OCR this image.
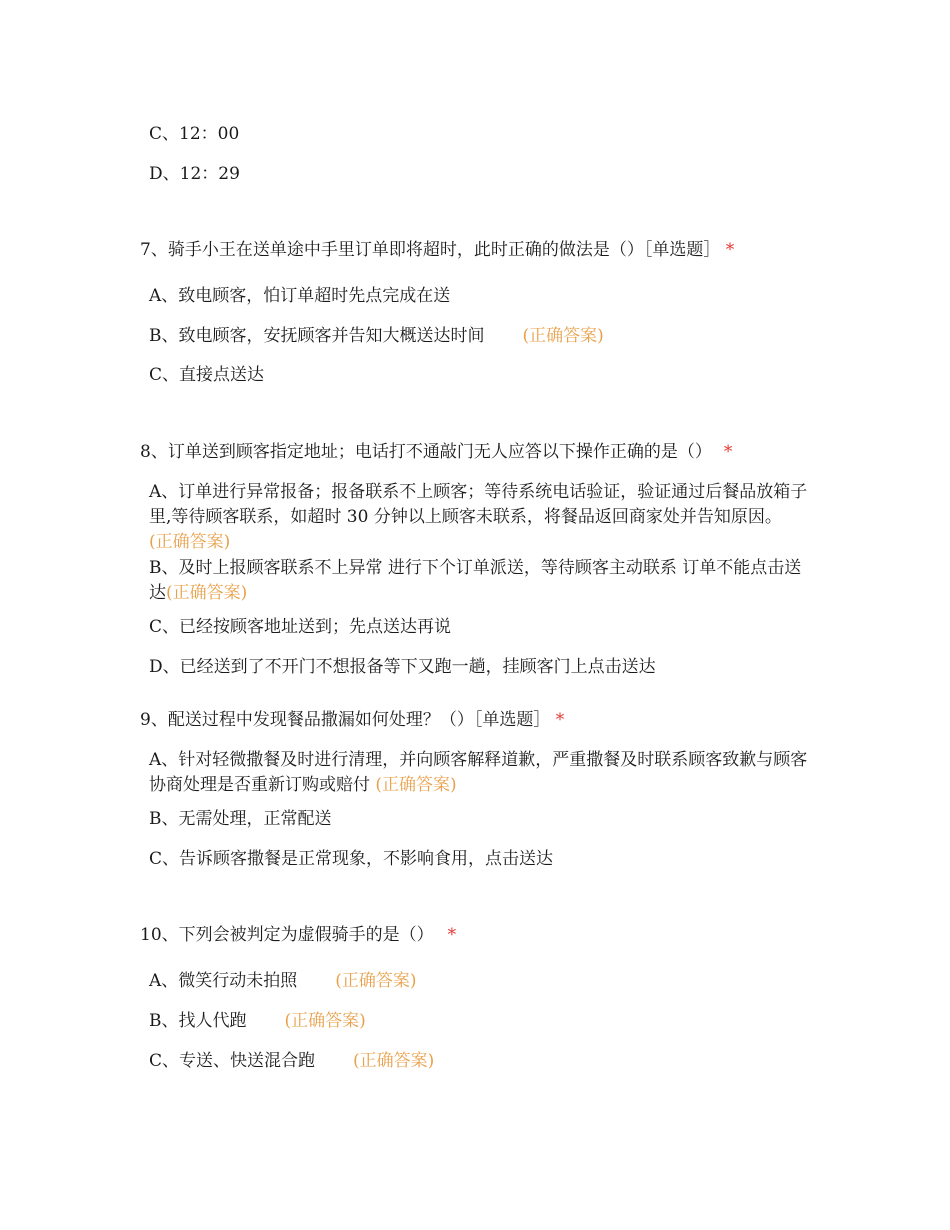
C、12：00
D、12：29
7、骑手小王在送单途中手里订单即将超时，此时正确的做法是（）［单选题］ *
A、致电顾客，怕订单超时先点完成在送
B、致电顾客，安抚顾客并告知大概送达时间 (正确答案)
C、直接点送达
8、订单送到顾客指定地址；电话打不通敲门无人应答以下操作正确的是（） *
A、订单进行异常报备；报备联系不上顾客；等待系统电话验证，验证通过后餐品放箱子里,等待顾客联系，如超时 30 分钟以上顾客未联系，将餐品返回商家处并告知原因。 (正确答案)
B、及时上报顾客联系不上异常 进行下个订单派送，等待顾客主动联系 订单不能点击送达(正确答案)
C、已经按顾客地址送到；先点送达再说
D、已经送到了不开门不想报备等下又跑一趟，挂顾客门上点击送达
9、配送过程中发现餐品撒漏如何处理？（）［单选题］ *
A、针对轻微撒餐及时进行清理，并向顾客解释道歉，严重撒餐及时联系顾客致歉与顾客协商处理是否重新订购或赔付 (正确答案)
B、无需处理，正常配送
C、告诉顾客撒餐是正常现象，不影响食用，点击送达
10、下列会被判定为虚假骑手的是（） *
A、微笑行动未拍照 (正确答案)
B、找人代跑 (正确答案)
C、专送、快送混合跑 (正确答案)
